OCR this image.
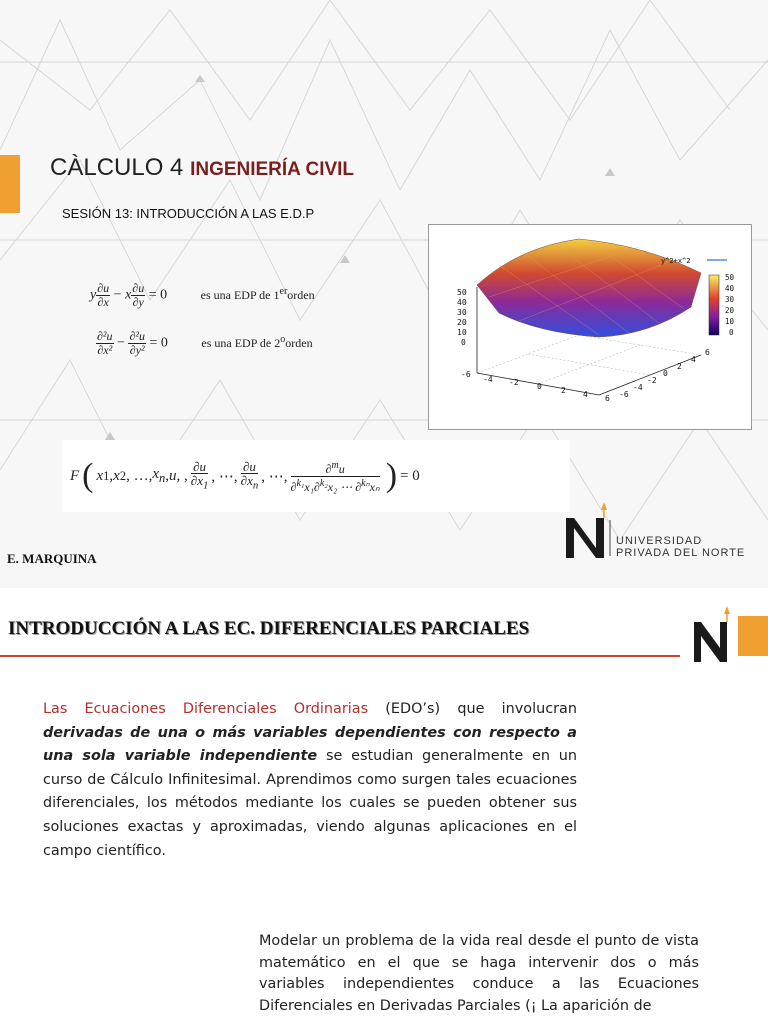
CÀLCULO 4 INGENIERÍA CIVIL
SESIÓN 13: INTRODUCCIÓN A LAS E.D.P
y $\frac{\partial u}{\partial x} - x \frac{\partial u}{\partial y} = 0$	es una EDP de 1erorden
$\frac{\text{∂²u}}{\text{∂x²}} - \frac{\text{∂²u}}{\text{∂y²}} = 0$	es una EDP de 2$^o$orden
50
40
30
20
10
0
-6
-4 -2 0 2 4 6 -6
-4
-2
0
2
4
6
y^2+x^2
50
40
30
20
10
0
F ( x 1 , x 2 , …, $x_n$ , u , , $\frac{\partial u}{\partial x_1}$ , ⋯, $\frac{\partial u}{\partial x_n}$ , ⋯, $\frac{\partial^mu}{\partial^{k_1}x_1\partial^{k_2}x_2 \cdots \partial^{k_n}x_n}$ ) = 0
E. MARQUINA
UNIVERSIDAD
PRIVADA DEL NORTE
INTRODUCCIÓN A LAS EC. DIFERENCIALES PARCIALES
Las Ecuaciones Diferenciales Ordinarias (EDO’s) que involucran derivadas de una o más variables dependientes con respecto a una sola variable independiente se estudian generalmente en un curso de Cálculo Infinitesimal. Aprendimos como surgen tales ecuaciones diferenciales, los métodos mediante los cuales se pueden obtener sus soluciones exactas y aproximadas, viendo algunas aplicaciones en el campo científico.
Modelar un problema de la vida real desde el punto de vista matemático en el que se haga intervenir dos o más variables independientes conduce a las Ecuaciones Diferenciales en Derivadas Parciales (¡ La aparición de
